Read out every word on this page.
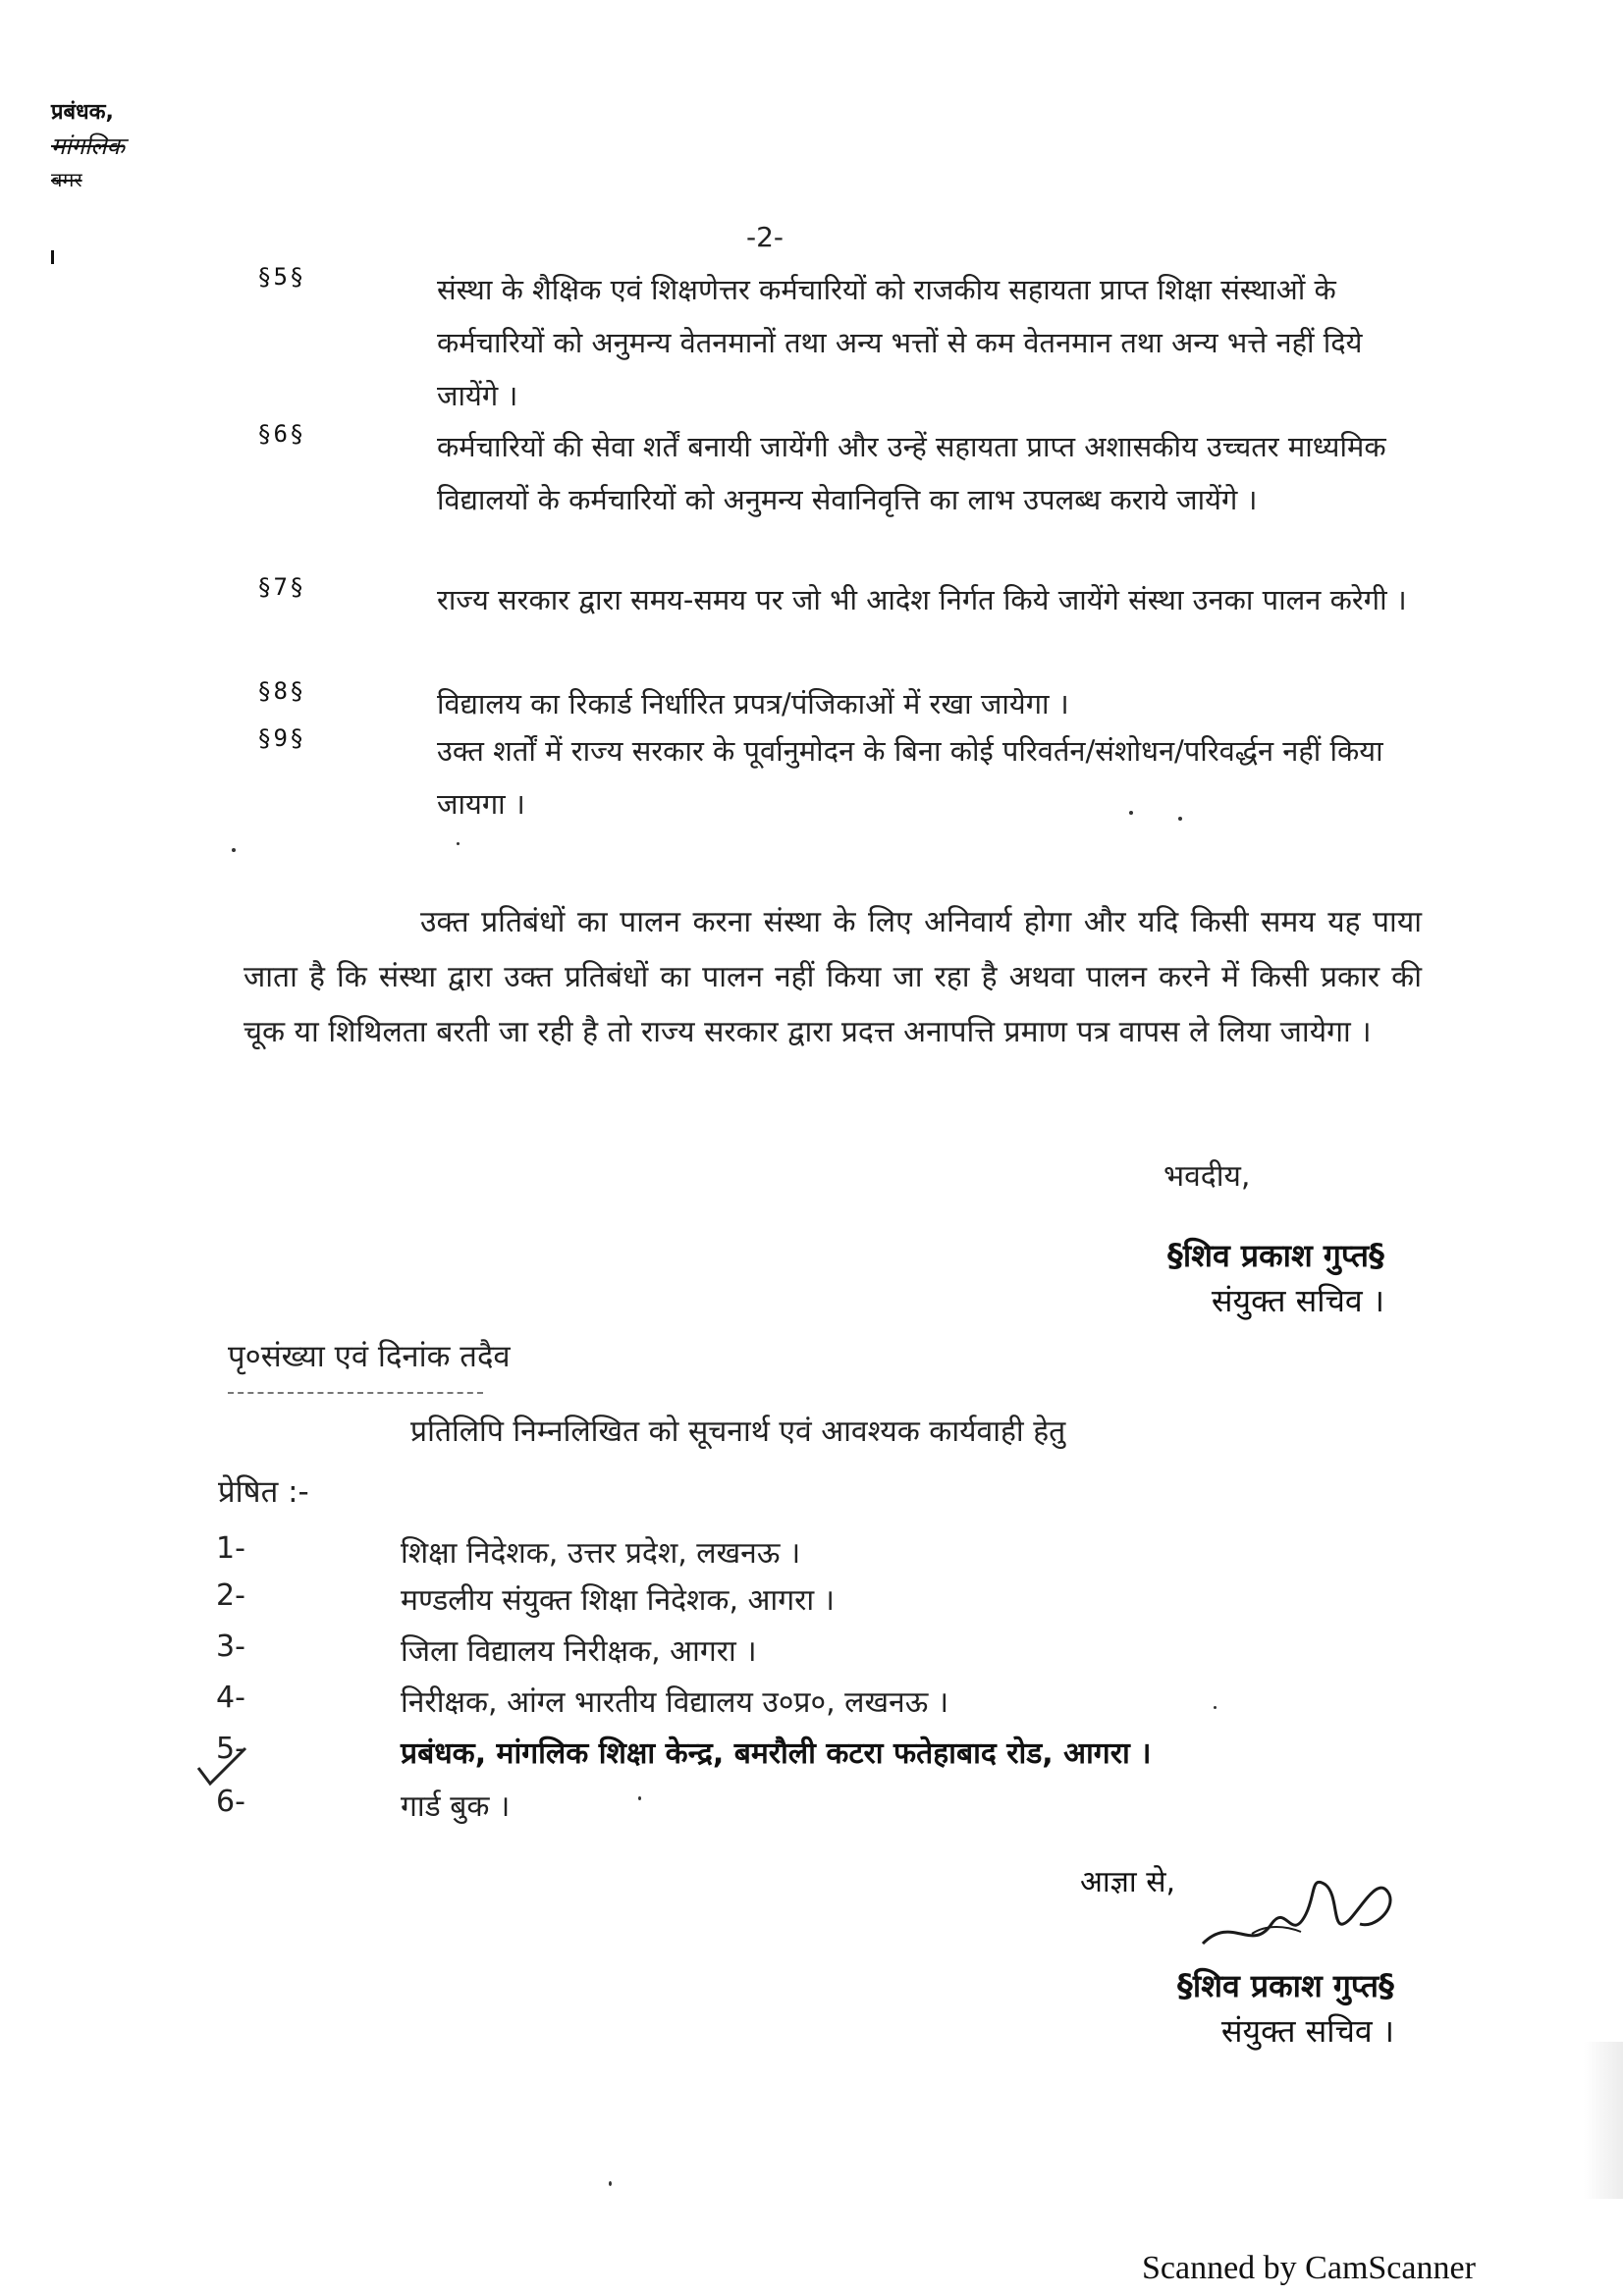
प्रबंधक,
मांगलिक
बमर
-2-
§5§	संस्था के शैक्षिक एवं शिक्षणेत्तर कर्मचारियों को राजकीय सहायता प्राप्त शिक्षा संस्थाओं के कर्मचारियों को अनुमन्य वेतनमानों तथा अन्य भत्तों से कम वेतनमान तथा अन्य भत्ते नहीं दिये जायेंगे ।
§6§	कर्मचारियों की सेवा शर्तें बनायी जायेंगी और उन्हें सहायता प्राप्त अशासकीय उच्चतर माध्यमिक विद्यालयों के कर्मचारियों को अनुमन्य सेवानिवृत्ति का लाभ उपलब्ध कराये जायेंगे ।
§7§	राज्य सरकार द्वारा समय-समय पर जो भी आदेश निर्गत किये जायेंगे संस्था उनका पालन करेगी ।
§8§	विद्यालय का रिकार्ड निर्धारित प्रपत्र/पंजिकाओं में रखा जायेगा ।
§9§	उक्त शर्तों में राज्य सरकार के पूर्वानुमोदन के बिना कोई परिवर्तन/संशोधन/परिवर्द्धन नहीं किया जायगा ।
उक्त प्रतिबंधों का पालन करना संस्था के लिए अनिवार्य होगा और यदि किसी समय यह पाया जाता है कि संस्था द्वारा उक्त प्रतिबंधों का पालन नहीं किया जा रहा है अथवा पालन करने में किसी प्रकार की चूक या शिथिलता बरती जा रही है तो राज्य सरकार द्वारा प्रदत्त अनापत्ति प्रमाण पत्र वापस ले लिया जायेगा ।
भवदीय,
§शिव प्रकाश गुप्त§
संयुक्त सचिव ।
पृ०संख्या एवं दिनांक तदैव
प्रतिलिपि निम्नलिखित को सूचनार्थ एवं आवश्यक कार्यवाही हेतु
प्रेषित :-
1-	शिक्षा निदेशक, उत्तर प्रदेश, लखनऊ ।
2-	मण्डलीय संयुक्त शिक्षा निदेशक, आगरा ।
3-	जिला विद्यालय निरीक्षक, आगरा ।
4-	निरीक्षक, आंग्ल भारतीय विद्यालय उ०प्र०, लखनऊ ।
5-	प्रबंधक, मांगलिक शिक्षा केन्द्र, बमरौली कटरा फतेहाबाद रोड, आगरा ।
6-	गार्ड बुक ।
आज्ञा से,
§शिव प्रकाश गुप्त§
संयुक्त सचिव ।
Scanned by CamScanner
